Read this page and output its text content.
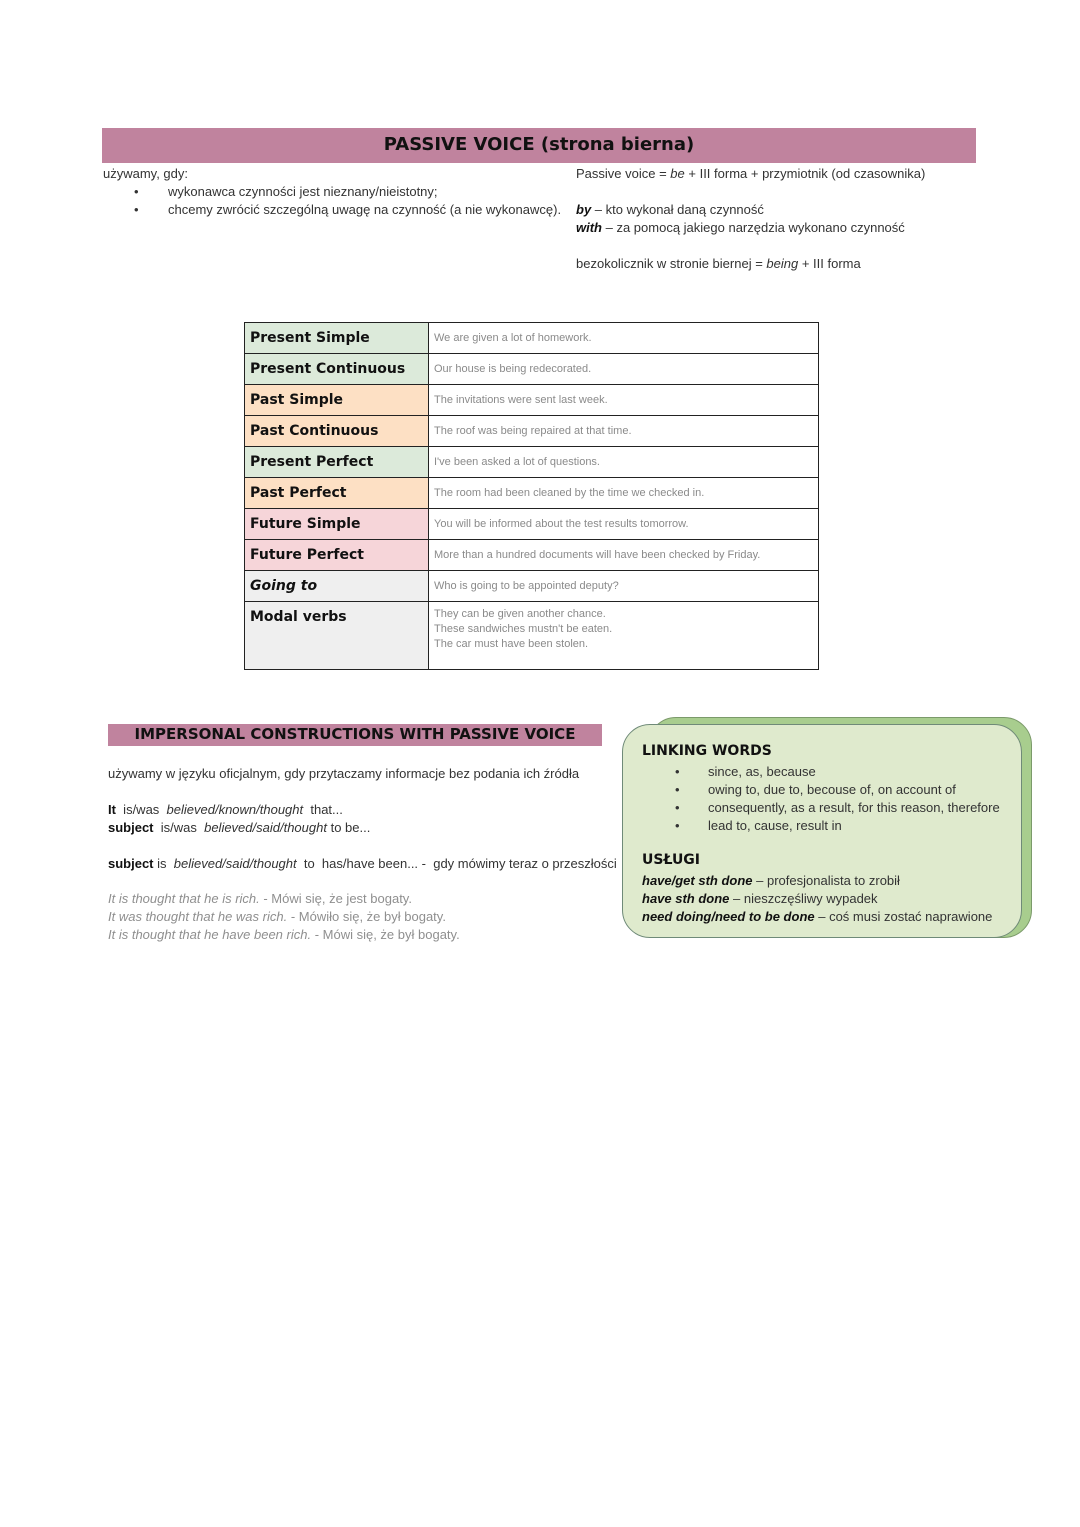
PASSIVE VOICE (strona bierna)
używamy, gdy:
• wykonawca czynności jest nieznany/nieistotny;
• chcemy zwrócić szczególną uwagę na czynność (a nie wykonawcę).
Passive voice = be + III forma + przymiotnik (od czasownika)
by – kto wykonał daną czynność
with – za pomocą jakiego narzędzia wykonano czynność
bezokolicznik w stronie biernej = being + III forma
Present Simple	We are given a lot of homework.
Present Continuous	Our house is being redecorated.
Past Simple	The invitations were sent last week.
Past Continuous	The roof was being repaired at that time.
Present Perfect	I've been asked a lot of questions.
Past Perfect	The room had been cleaned by the time we checked in.
Future Simple	You will be informed about the test results tomorrow.
Future Perfect	More than a hundred documents will have been checked by Friday.
Going to	Who is going to be appointed deputy?
Modal verbs	They can be given another chance.
These sandwiches mustn't be eaten.
The car must have been stolen.
IMPERSONAL CONSTRUCTIONS WITH PASSIVE VOICE
używamy w języku oficjalnym, gdy przytaczamy informacje bez podania ich źródła
It  is/was  believed/known/thought  that...
subject  is/was  believed/said/thought to be...
subject is  believed/said/thought  to  has/have been... -  gdy mówimy teraz o przeszłości
It is thought that he is rich. - Mówi się, że jest bogaty.
It was thought that he was rich. - Mówiło się, że był bogaty.
It is thought that he have been rich. - Mówi się, że był bogaty.
LINKING WORDS
• since, as, because
• owing to, due to, becouse of, on account of
• consequently, as a result, for this reason, therefore
• lead to, cause, result in
USŁUGI
have/get sth done – profesjonalista to zrobił
have sth done – nieszczęśliwy wypadek
need doing/need to be done – coś musi zostać naprawione
